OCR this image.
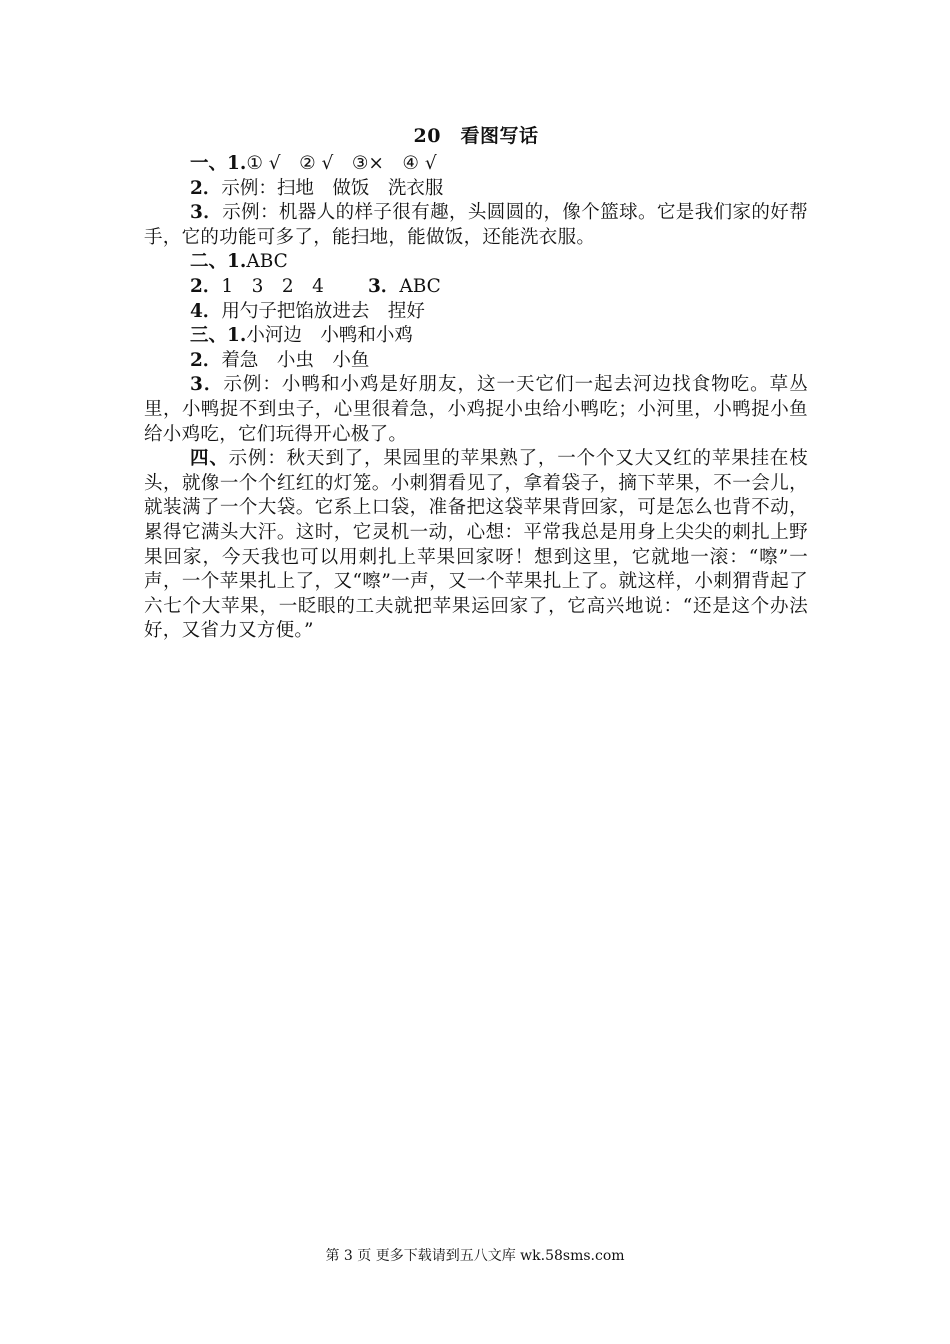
20　看图写话
一、1.① √　② √　③×　④ √
2．示例：扫地　做饭　洗衣服
3．示例：机器人的样子很有趣，头圆圆的，像个篮球。它是我们家的好帮手，它的功能可多了，能扫地，能做饭，还能洗衣服。
二、1.ABC
2．1　3　2　4 3．ABC
4．用勺子把馅放进去　捏好
三、1.小河边　小鸭和小鸡
2．着急　小虫　小鱼
3．示例：小鸭和小鸡是好朋友，这一天它们一起去河边找食物吃。草丛里，小鸭捉不到虫子，心里很着急，小鸡捉小虫给小鸭吃；小河里，小鸭捉小鱼给小鸡吃，它们玩得开心极了。
四、示例：秋天到了，果园里的苹果熟了，一个个又大又红的苹果挂在枝头，就像一个个红红的灯笼。小刺猬看见了，拿着袋子，摘下苹果，不一会儿，就装满了一个大袋。它系上口袋，准备把这袋苹果背回家，可是怎么也背不动，累得它满头大汗。这时，它灵机一动，心想：平常我总是用身上尖尖的刺扎上野果回家，今天我也可以用刺扎上苹果回家呀！想到这里，它就地一滚：“嚓”一声，一个苹果扎上了，又“嚓”一声，又一个苹果扎上了。就这样，小刺猬背起了六七个大苹果，一眨眼的工夫就把苹果运回家了，它高兴地说：“还是这个办法好，又省力又方便。”
第 3 页 更多下载请到五八文库 wk.58sms.com
